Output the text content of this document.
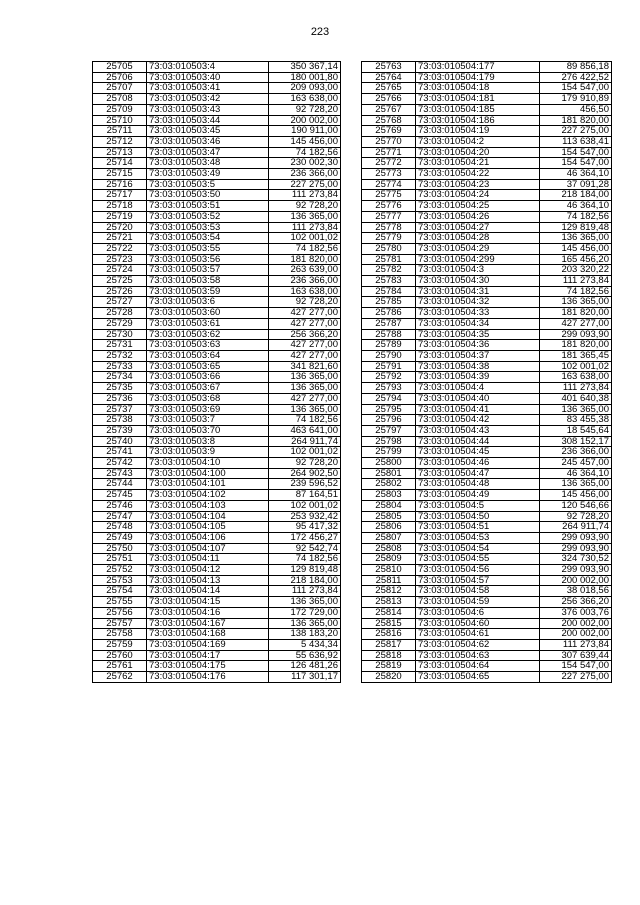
223
25705	73:03:010503:4	350 367,14
25706	73:03:010503:40	180 001,80
25707	73:03:010503:41	209 093,00
25708	73:03:010503:42	163 638,00
25709	73:03:010503:43	92 728,20
25710	73:03:010503:44	200 002,00
25711	73:03:010503:45	190 911,00
25712	73:03:010503:46	145 456,00
25713	73:03:010503:47	74 182,56
25714	73:03:010503:48	230 002,30
25715	73:03:010503:49	236 366,00
25716	73:03:010503:5	227 275,00
25717	73:03:010503:50	111 273,84
25718	73:03:010503:51	92 728,20
25719	73:03:010503:52	136 365,00
25720	73:03:010503:53	111 273,84
25721	73:03:010503:54	102 001,02
25722	73:03:010503:55	74 182,56
25723	73:03:010503:56	181 820,00
25724	73:03:010503:57	263 639,00
25725	73:03:010503:58	236 366,00
25726	73:03:010503:59	163 638,00
25727	73:03:010503:6	92 728,20
25728	73:03:010503:60	427 277,00
25729	73:03:010503:61	427 277,00
25730	73:03:010503:62	256 366,20
25731	73:03:010503:63	427 277,00
25732	73:03:010503:64	427 277,00
25733	73:03:010503:65	341 821,60
25734	73:03:010503:66	136 365,00
25735	73:03:010503:67	136 365,00
25736	73:03:010503:68	427 277,00
25737	73:03:010503:69	136 365,00
25738	73:03:010503:7	74 182,56
25739	73:03:010503:70	463 641,00
25740	73:03:010503:8	264 911,74
25741	73:03:010503:9	102 001,02
25742	73:03:010504:10	92 728,20
25743	73:03:010504:100	264 902,50
25744	73:03:010504:101	239 596,52
25745	73:03:010504:102	87 164,51
25746	73:03:010504:103	102 001,02
25747	73:03:010504:104	253 932,42
25748	73:03:010504:105	95 417,32
25749	73:03:010504:106	172 456,27
25750	73:03:010504:107	92 542,74
25751	73:03:010504:11	74 182,56
25752	73:03:010504:12	129 819,48
25753	73:03:010504:13	218 184,00
25754	73:03:010504:14	111 273,84
25755	73:03:010504:15	136 365,00
25756	73:03:010504:16	172 729,00
25757	73:03:010504:167	136 365,00
25758	73:03:010504:168	138 183,20
25759	73:03:010504:169	5 434,34
25760	73:03:010504:17	55 636,92
25761	73:03:010504:175	126 481,26
25762	73:03:010504:176	117 301,17
25763	73:03:010504:177	89 856,18
25764	73:03:010504:179	276 422,52
25765	73:03:010504:18	154 547,00
25766	73:03:010504:181	179 910,89
25767	73:03:010504:185	456,50
25768	73:03:010504:186	181 820,00
25769	73:03:010504:19	227 275,00
25770	73:03:010504:2	113 638,41
25771	73:03:010504:20	154 547,00
25772	73:03:010504:21	154 547,00
25773	73:03:010504:22	46 364,10
25774	73:03:010504:23	37 091,28
25775	73:03:010504:24	218 184,00
25776	73:03:010504:25	46 364,10
25777	73:03:010504:26	74 182,56
25778	73:03:010504:27	129 819,48
25779	73:03:010504:28	136 365,00
25780	73:03:010504:29	145 456,00
25781	73:03:010504:299	165 456,20
25782	73:03:010504:3	203 320,22
25783	73:03:010504:30	111 273,84
25784	73:03:010504:31	74 182,56
25785	73:03:010504:32	136 365,00
25786	73:03:010504:33	181 820,00
25787	73:03:010504:34	427 277,00
25788	73:03:010504:35	299 093,90
25789	73:03:010504:36	181 820,00
25790	73:03:010504:37	181 365,45
25791	73:03:010504:38	102 001,02
25792	73:03:010504:39	163 638,00
25793	73:03:010504:4	111 273,84
25794	73:03:010504:40	401 640,38
25795	73:03:010504:41	136 365,00
25796	73:03:010504:42	83 455,38
25797	73:03:010504:43	18 545,64
25798	73:03:010504:44	308 152,17
25799	73:03:010504:45	236 366,00
25800	73:03:010504:46	245 457,00
25801	73:03:010504:47	46 364,10
25802	73:03:010504:48	136 365,00
25803	73:03:010504:49	145 456,00
25804	73:03:010504:5	120 546,66
25805	73:03:010504:50	92 728,20
25806	73:03:010504:51	264 911,74
25807	73:03:010504:53	299 093,90
25808	73:03:010504:54	299 093,90
25809	73:03:010504:55	324 730,52
25810	73:03:010504:56	299 093,90
25811	73:03:010504:57	200 002,00
25812	73:03:010504:58	38 018,56
25813	73:03:010504:59	256 366,20
25814	73:03:010504:6	376 003,76
25815	73:03:010504:60	200 002,00
25816	73:03:010504:61	200 002,00
25817	73:03:010504:62	111 273,84
25818	73:03:010504:63	307 639,44
25819	73:03:010504:64	154 547,00
25820	73:03:010504:65	227 275,00
